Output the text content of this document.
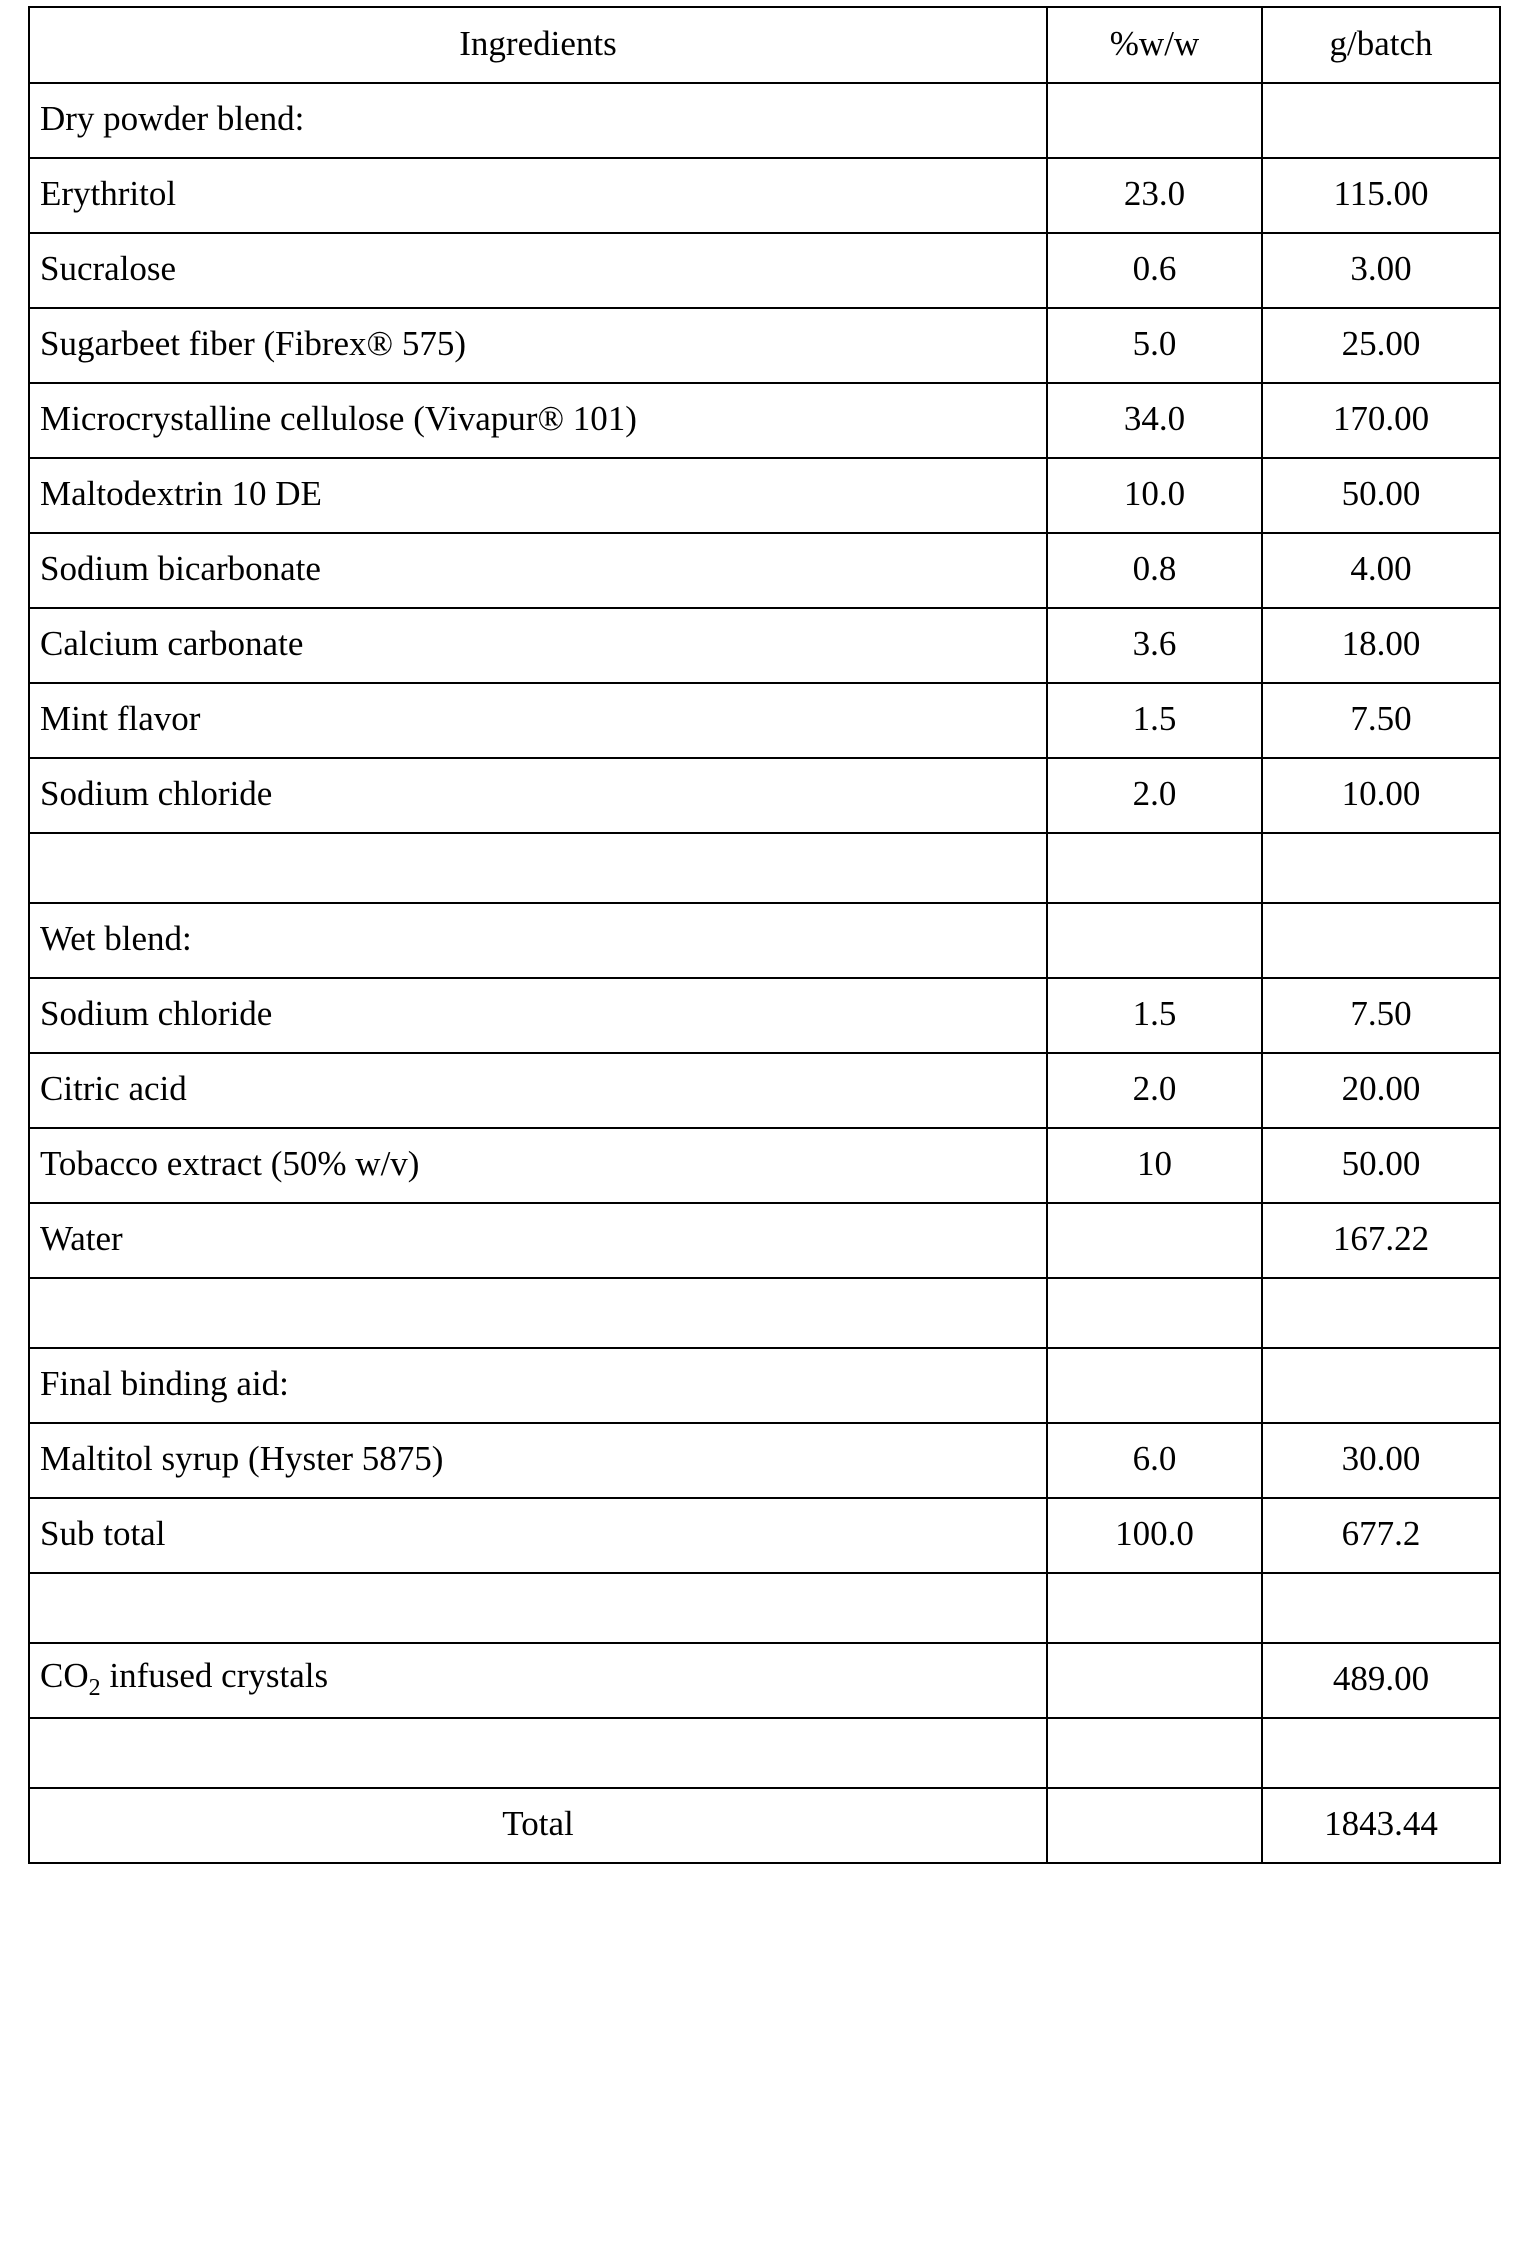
Ingredients	%w/w	g/batch
Dry powder blend:		
Erythritol	23.0	115.00
Sucralose	0.6	3.00
Sugarbeet fiber (Fibrex® 575)	5.0	25.00
Microcrystalline cellulose (Vivapur® 101)	34.0	170.00
Maltodextrin 10 DE	10.0	50.00
Sodium bicarbonate	0.8	4.00
Calcium carbonate	3.6	18.00
Mint flavor	1.5	7.50
Sodium chloride	2.0	10.00

Wet blend:		
Sodium chloride	1.5	7.50
Citric acid	2.0	20.00
Tobacco extract (50% w/v)	10	50.00
Water		167.22

Final binding aid:		
Maltitol syrup (Hyster 5875)	6.0	30.00
Sub total	100.0	677.2

$CO_2$ infused crystals		489.00

Total		1843.44
